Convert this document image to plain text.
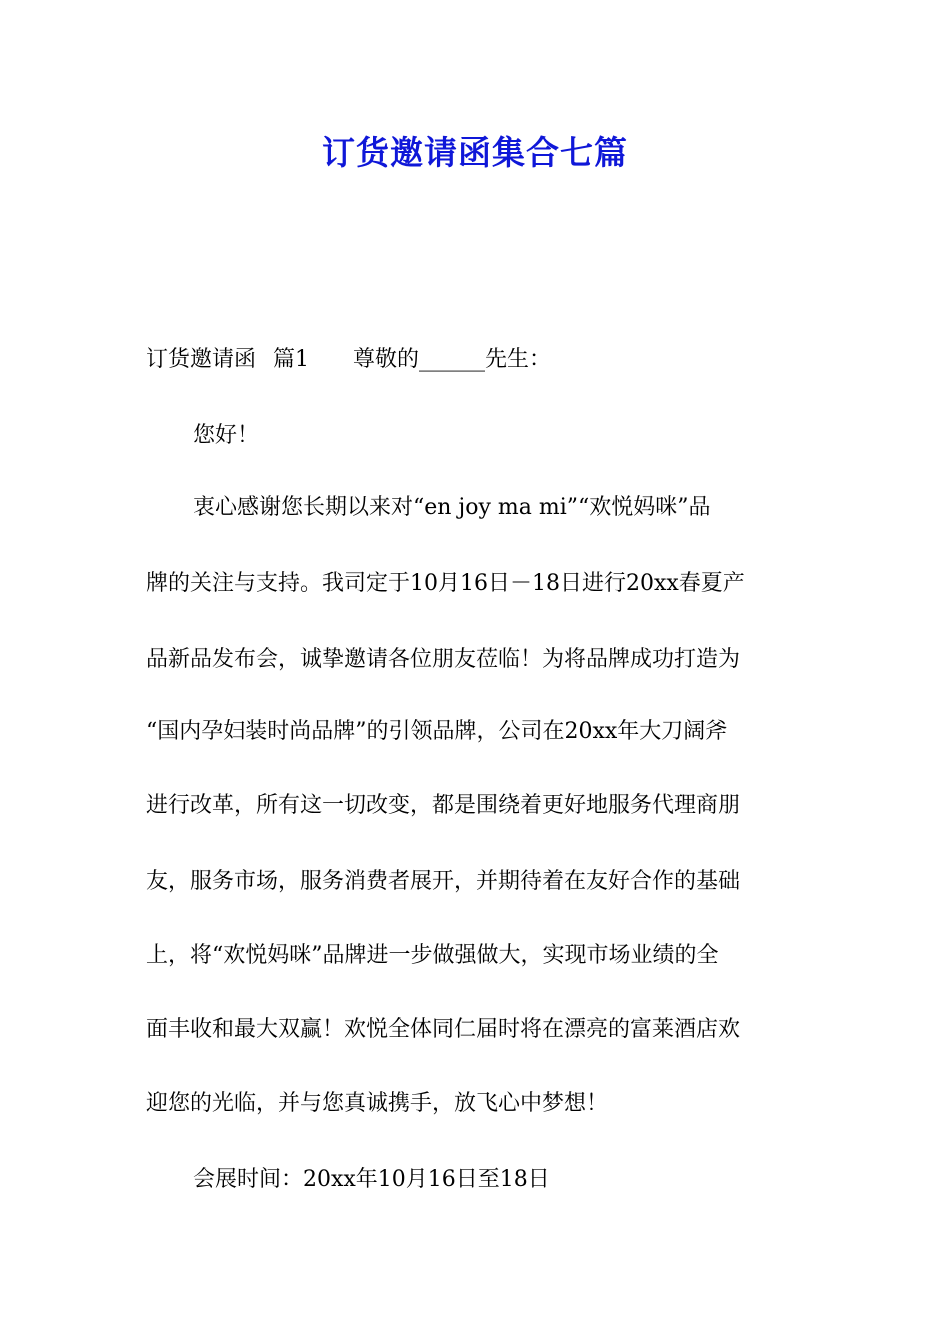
订货邀请函集合七篇
订货邀请函 篇1 尊敬的______先生：
您好！
衷心感谢您长期以来对“en joy ma mi”“欢悦妈咪”品
牌的关注与支持。我司定于10月16日－18日进行20xx春夏产
品新品发布会，诚挚邀请各位朋友莅临！为将品牌成功打造为
“国内孕妇装时尚品牌”的引领品牌，公司在20xx年大刀阔斧
进行改革，所有这一切改变，都是围绕着更好地服务代理商朋
友，服务市场，服务消费者展开，并期待着在友好合作的基础
上，将“欢悦妈咪”品牌进一步做强做大，实现市场业绩的全
面丰收和最大双赢！欢悦全体同仁届时将在漂亮的富莱酒店欢
迎您的光临，并与您真诚携手，放飞心中梦想！
会展时间：20xx年10月16日至18日
